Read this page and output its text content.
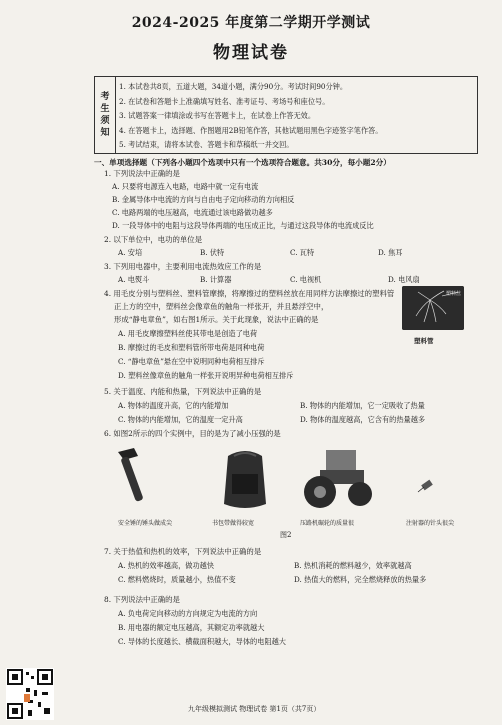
2024-2025 年度第二学期开学测试
物理试卷
考
生
须
知
1. 本试卷共8页，五道大题，34道小题，满分90分。考试时间90分钟。
2. 在试卷和答题卡上准确填写姓名、准考证号、考场号和座位号。
3. 试题答案一律填涂或书写在答题卡上，在试卷上作答无效。
4. 在答题卡上，选择题、作图题用2B铅笔作答，其他试题用黑色字迹签字笔作答。
5. 考试结束，请将本试卷、答题卡和草稿纸一并交回。
一、单项选择题（下列各小题四个选项中只有一个选项符合题意。共30分，每小题2分）
1. 下列说法中正确的是
A. 只要将电源连入电路，电路中就一定有电流
B. 金属导体中电流的方向与自由电子定向移动的方向相反
C. 电路两端的电压越高，电流通过该电路做功越多
D. 一段导体中的电阻与这段导体两端的电压成正比，与通过这段导体的电流成反比
2. 以下单位中，电功的单位是
A. 安培	B. 伏特	C. 瓦特	D. 焦耳
3. 下列用电器中，主要利用电流热效应工作的是
A. 电熨斗	B. 计算器	C. 电视机	D. 电风扇
4. 用毛皮分别与塑料丝、塑料管摩擦，将摩擦过的塑料丝放在用同样方法摩擦过的塑料管
正上方的空中，塑料丝会像章鱼的触角一样张开，并且悬浮空中，
形成“静电章鱼”，如右图1所示。关于此现象，说法中正确的是
A. 用毛皮摩擦塑料丝使其带电是创造了电荷
B. 摩擦过的毛皮和塑料管所带电荷是同种电荷
C. “静电章鱼”悬在空中说明同种电荷相互排斥
D. 塑料丝像章鱼的触角一样张开说明异种电荷相互排斥
塑料丝
塑料管
5. 关于温度、内能和热量，下列说法中正确的是
A. 物体的温度升高，它的内能增加	B. 物体的内能增加，它一定吸收了热量
C. 物体的内能增加，它的温度一定升高	D. 物体的温度越高，它含有的热量越多
6. 如图2所示的四个实例中，目的是为了减小压强的是
安全锤的锤头做成尖	书包带做得较宽	压路机碾轮的质量很	注射器的针头很尖
图2
7. 关于热值和热机的效率，下列说法中正确的是
A. 热机的效率越高，做功越快	B. 热机消耗的燃料越少，效率就越高
C. 燃料燃烧时，质量越小，热值不变	D. 热值大的燃料，完全燃烧释放的热量多
8. 下列说法中正确的是
A. 负电荷定向移动的方向规定为电流的方向
B. 用电器的额定电压越高，其额定功率就越大
C. 导体的长度越长、横截面积越大，导体的电阻越大
九年级模拟测试 物理试卷 第1页（共7页）
